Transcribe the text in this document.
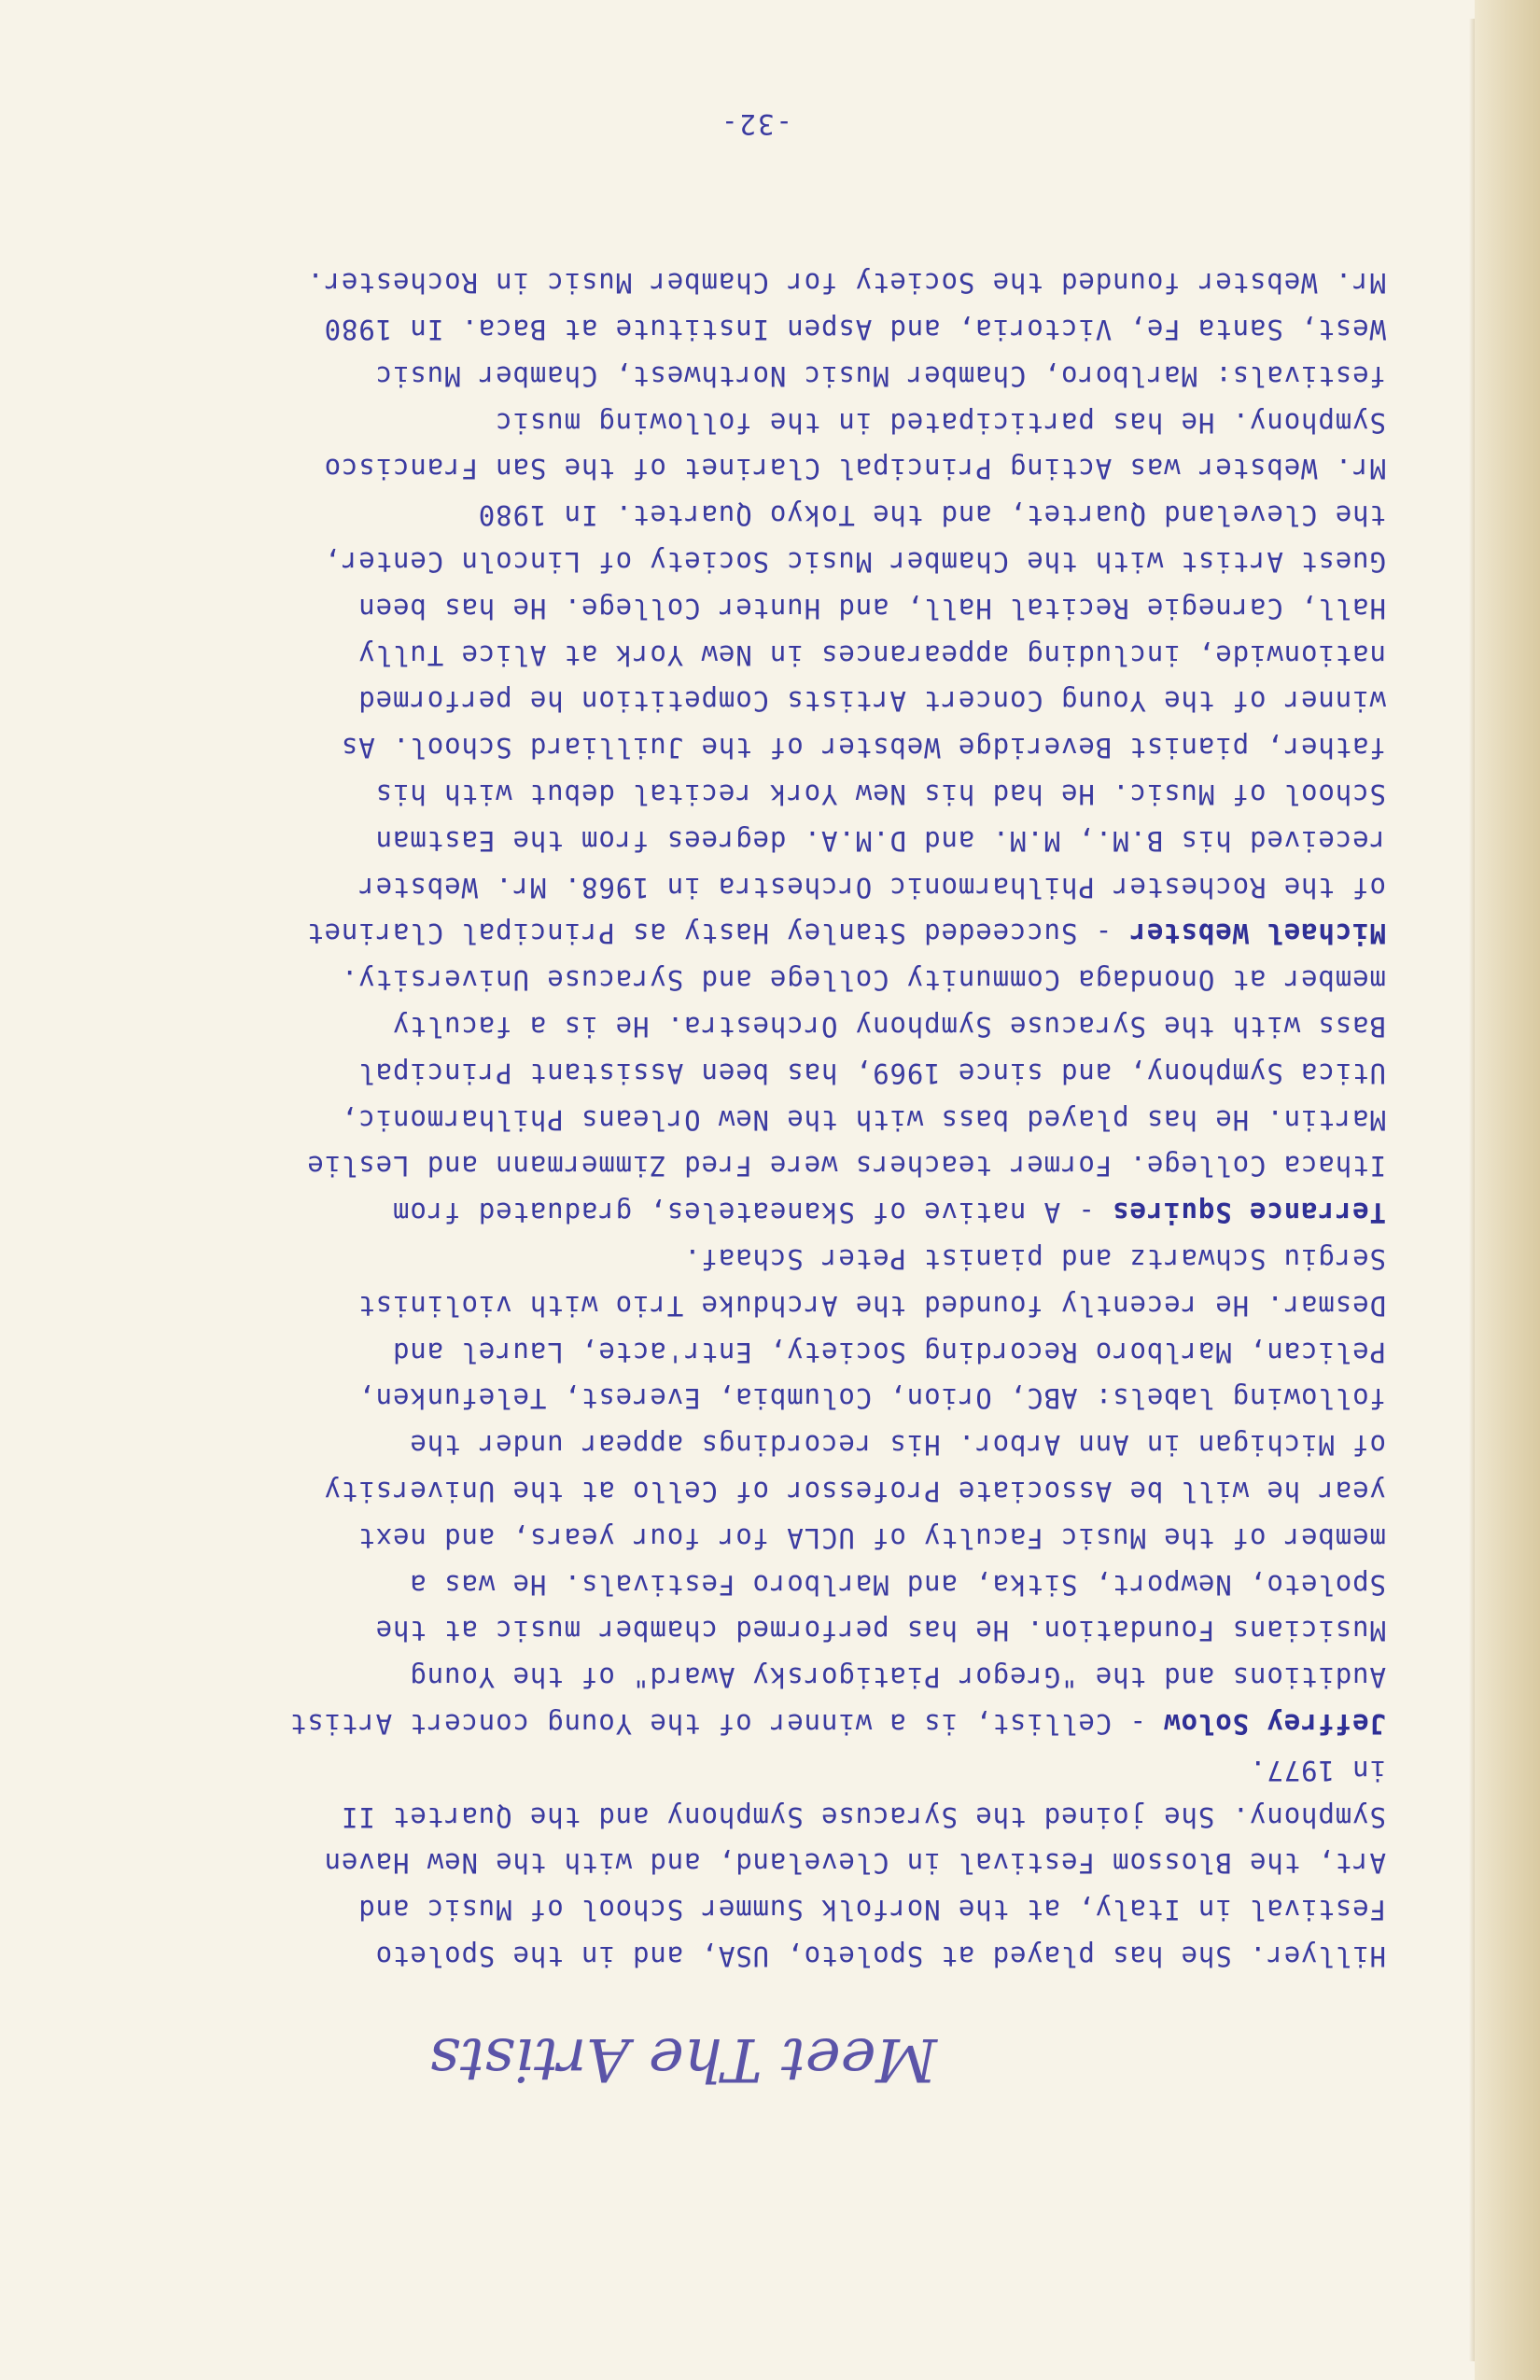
Meet The Artists

Hillyer. She has played at Spoleto, USA, and in the Spoleto
Festival in Italy, at the Norfolk Summer School of Music and
Art, the Blossom Festival in Cleveland, and with the New Haven
Symphony. She joined the Syracuse Symphony and the Quartet II
in 1977.

Jeffrey Solow - Cellist, is a winner of the Young concert Artist
Auditions and the "Gregor Piatigorsky Award" of the Young
Musicians Foundation. He has performed chamber music at the
Spoleto, Newport, Sitka, and Marlboro Festivals. He was a
member of the Music Faculty of UCLA for four years, and next
year he will be Associate Professor of Cello at the University
of Michigan in Ann Arbor. His recordings appear under the
following labels: ABC, Orion, Columbia, Everest, Telefunken,
Pelican, Marlboro Recording Society, Entr'acte, Laurel and
Desmar. He recently founded the Archduke Trio with violinist
Sergiu Schwartz and pianist Peter Schaaf.

Terrance Squires - A native of Skaneateles, graduated from
Ithaca College. Former teachers were Fred Zimmermann and Leslie
Martin. He has played bass with the New Orleans Philharmonic,
Utica Symphony, and since 1969, has been Assistant Principal
Bass with the Syracuse Symphony Orchestra. He is a faculty
member at Onondaga Community College and Syracuse University.

Michael Webster - Succeeded Stanley Hasty as Principal Clarinet
of the Rochester Philharmonic Orchestra in 1968. Mr. Webster
received his B.M., M.M. and D.M.A. degrees from the Eastman
School of Music. He had his New York recital debut with his
father, pianist Beveridge Webster of the Juilliard School. As
winner of the Young Concert Artists Competition he performed
nationwide, including appearances in New York at Alice Tully
Hall, Carnegie Recital Hall, and Hunter College. He has been
Guest Artist with the Chamber Music Society of Lincoln Center,
the Cleveland Quartet, and the Tokyo Quartet. In 1980
Mr. Webster was Acting Principal Clarinet of the San Francisco
Symphony. He has participated in the following music
festivals: Marlboro, Chamber Music Northwest, Chamber Music
West, Santa Fe, Victoria, and Aspen Institute at Baca. In 1980
Mr. Webster founded the Society for Chamber Music in Rochester.

-32-
